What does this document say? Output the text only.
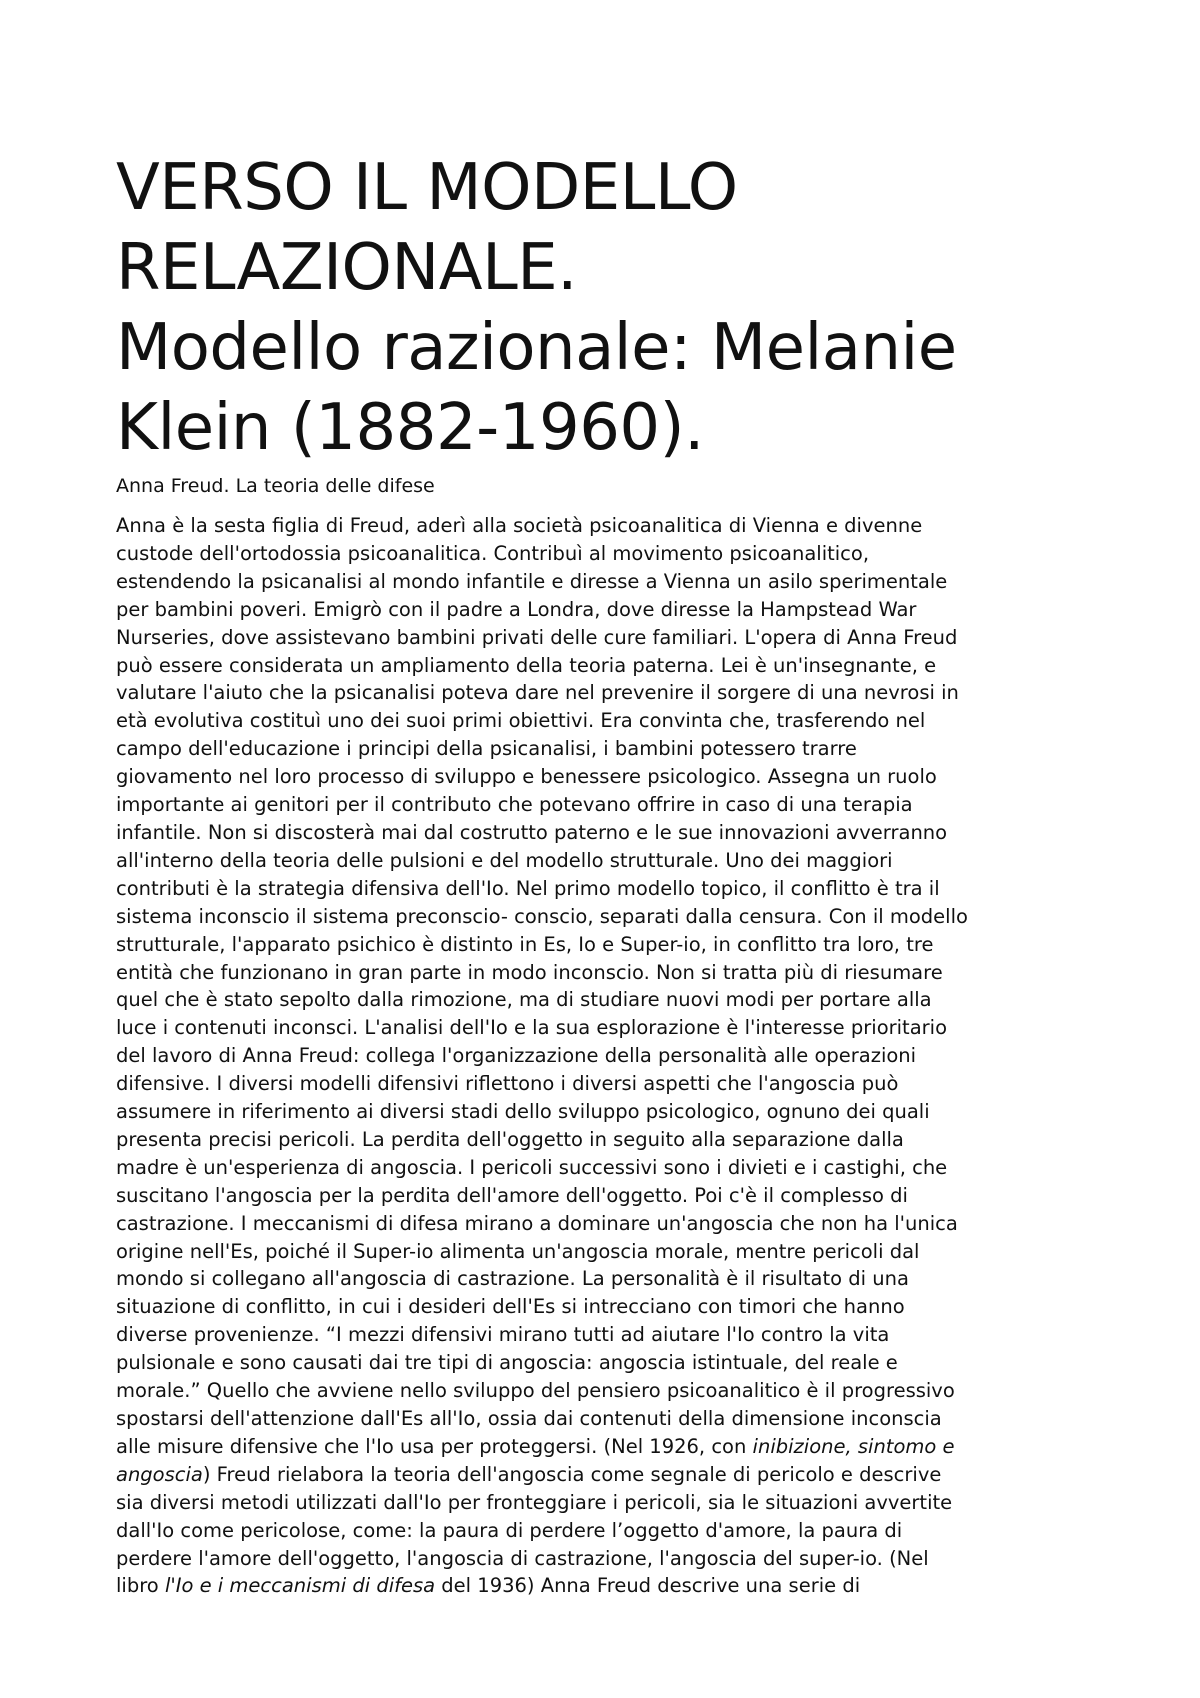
VERSO IL MODELLO
RELAZIONALE.
Modello razionale: Melanie
Klein (1882-1960).
Anna Freud. La teoria delle difese

Anna è la sesta figlia di Freud, aderì alla società psicoanalitica di Vienna e divenne
custode dell'ortodossia psicoanalitica. Contribuì al movimento psicoanalitico,
estendendo la psicanalisi al mondo infantile e diresse a Vienna un asilo sperimentale
per bambini poveri. Emigrò con il padre a Londra, dove diresse la Hampstead War
Nurseries, dove assistevano bambini privati delle cure familiari. L'opera di Anna Freud
può essere considerata un ampliamento della teoria paterna. Lei è un'insegnante, e
valutare l'aiuto che la psicanalisi poteva dare nel prevenire il sorgere di una nevrosi in
età evolutiva costituì uno dei suoi primi obiettivi. Era convinta che, trasferendo nel
campo dell'educazione i principi della psicanalisi, i bambini potessero trarre
giovamento nel loro processo di sviluppo e benessere psicologico. Assegna un ruolo
importante ai genitori per il contributo che potevano offrire in caso di una terapia
infantile. Non si discosterà mai dal costrutto paterno e le sue innovazioni avverranno
all'interno della teoria delle pulsioni e del modello strutturale. Uno dei maggiori
contributi è la strategia difensiva dell'Io. Nel primo modello topico, il conflitto è tra il
sistema inconscio il sistema preconscio- conscio, separati dalla censura. Con il modello
strutturale, l'apparato psichico è distinto in Es, Io e Super-io, in conflitto tra loro, tre
entità che funzionano in gran parte in modo inconscio. Non si tratta più di riesumare
quel che è stato sepolto dalla rimozione, ma di studiare nuovi modi per portare alla
luce i contenuti inconsci. L'analisi dell'Io e la sua esplorazione è l'interesse prioritario
del lavoro di Anna Freud: collega l'organizzazione della personalità alle operazioni
difensive. I diversi modelli difensivi riflettono i diversi aspetti che l'angoscia può
assumere in riferimento ai diversi stadi dello sviluppo psicologico, ognuno dei quali
presenta precisi pericoli. La perdita dell'oggetto in seguito alla separazione dalla
madre è un'esperienza di angoscia. I pericoli successivi sono i divieti e i castighi, che
suscitano l'angoscia per la perdita dell'amore dell'oggetto. Poi c'è il complesso di
castrazione. I meccanismi di difesa mirano a dominare un'angoscia che non ha l'unica
origine nell'Es, poiché il Super-io alimenta un'angoscia morale, mentre pericoli dal
mondo si collegano all'angoscia di castrazione. La personalità è il risultato di una
situazione di conflitto, in cui i desideri dell'Es si intrecciano con timori che hanno
diverse provenienze. “I mezzi difensivi mirano tutti ad aiutare l'Io contro la vita
pulsionale e sono causati dai tre tipi di angoscia: angoscia istintuale, del reale e
morale.” Quello che avviene nello sviluppo del pensiero psicoanalitico è il progressivo
spostarsi dell'attenzione dall'Es all'Io, ossia dai contenuti della dimensione inconscia
alle misure difensive che l'Io usa per proteggersi. (Nel 1926, con inibizione, sintomo e
angoscia) Freud rielabora la teoria dell'angoscia come segnale di pericolo e descrive
sia diversi metodi utilizzati dall'Io per fronteggiare i pericoli, sia le situazioni avvertite
dall'Io come pericolose, come: la paura di perdere l’oggetto d'amore, la paura di
perdere l'amore dell'oggetto, l'angoscia di castrazione, l'angoscia del super-io. (Nel
libro l'Io e i meccanismi di difesa del 1936) Anna Freud descrive una serie di
